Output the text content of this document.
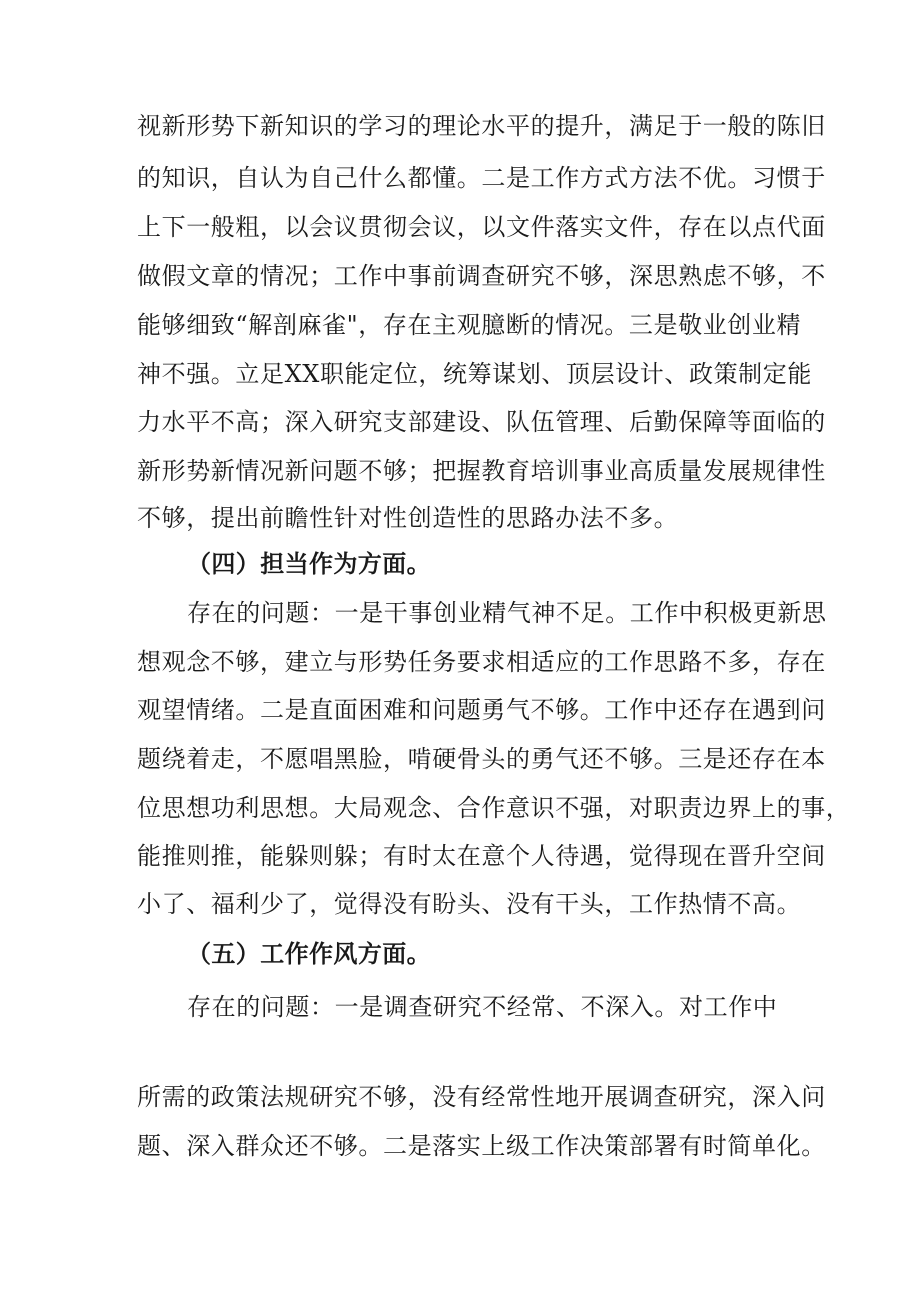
视新形势下新知识的学习的理论水平的提升，满足于一般的陈旧
的知识，自认为自己什么都懂。二是工作方式方法不优。习惯于
上下一般粗，以会议贯彻会议，以文件落实文件，存在以点代面
做假文章的情况；工作中事前调查研究不够，深思熟虑不够，不
能够细致“解剖麻雀"，存在主观臆断的情况。三是敬业创业精
神不强。立足XX职能定位，统筹谋划、顶层设计、政策制定能
力水平不高；深入研究支部建设、队伍管理、后勤保障等面临的
新形势新情况新问题不够；把握教育培训事业高质量发展规律性
不够，提出前瞻性针对性创造性的思路办法不多。
（四）担当作为方面。
存在的问题：一是干事创业精气神不足。工作中积极更新思
想观念不够，建立与形势任务要求相适应的工作思路不多，存在
观望情绪。二是直面困难和问题勇气不够。工作中还存在遇到问
题绕着走，不愿唱黑脸，啃硬骨头的勇气还不够。三是还存在本
位思想功利思想。大局观念、合作意识不强，对职责边界上的事，
能推则推，能躲则躲；有时太在意个人待遇，觉得现在晋升空间
小了、福利少了，觉得没有盼头、没有干头，工作热情不高。
（五）工作作风方面。
存在的问题：一是调查研究不经常、不深入。对工作中
所需的政策法规研究不够，没有经常性地开展调查研究，深入问
题、深入群众还不够。二是落实上级工作决策部署有时简单化。
